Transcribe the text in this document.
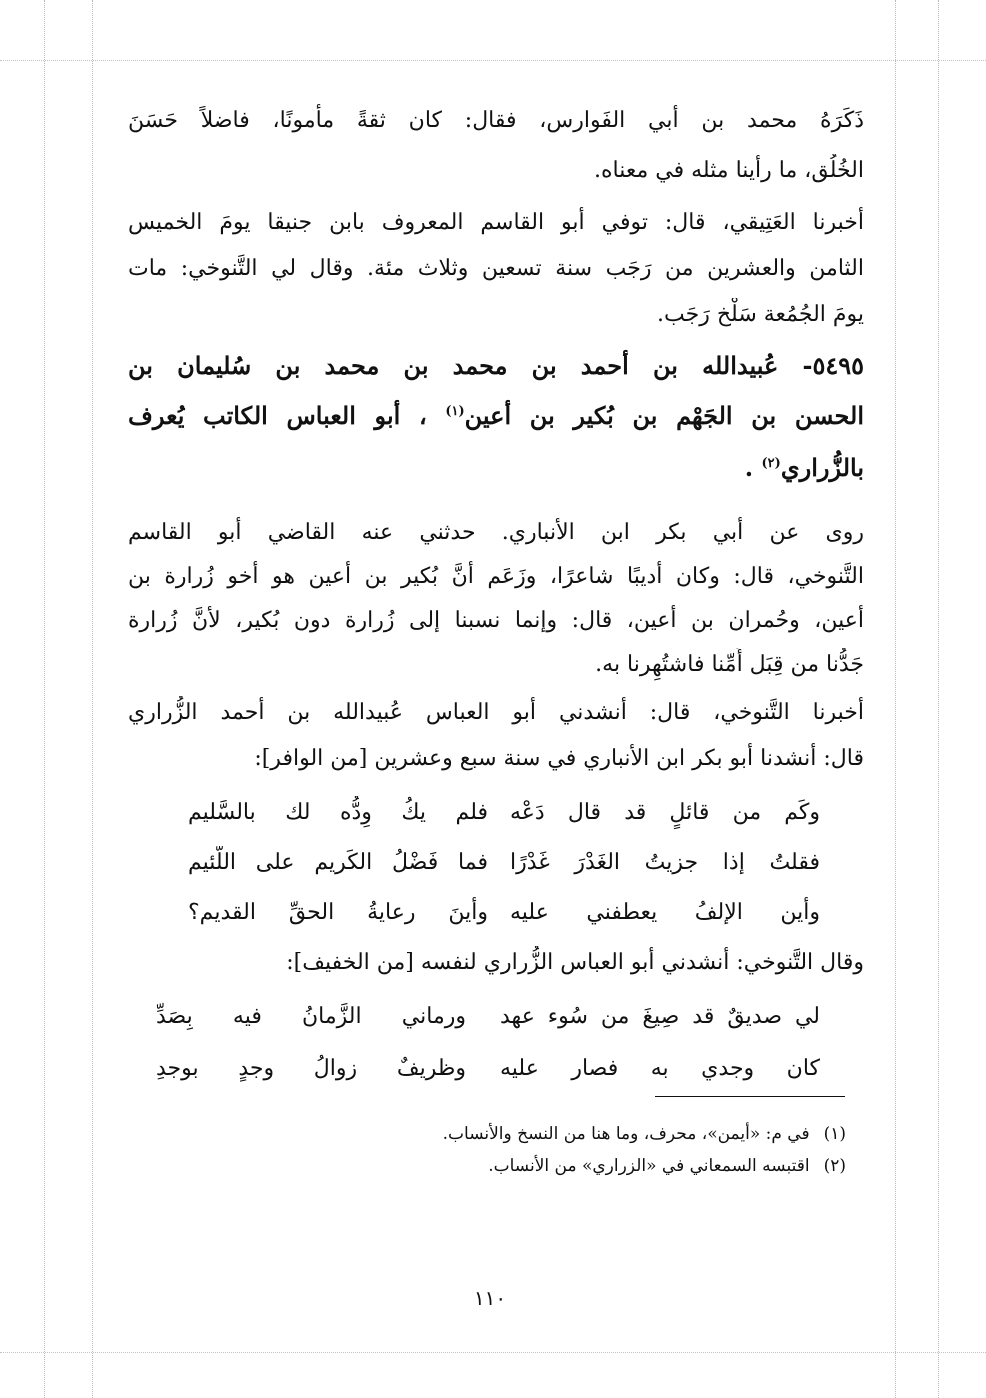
ذَكَرَهُ محمد بن أبي الفَوارس، فقال: كان ثقةً مأمونًا، فاضلاً حَسَنَ
الخُلُق، ما رأينا مثله في معناه.
أخبرنا العَتِيقي، قال: توفي أبو القاسم المعروف بابن جنيقا يومَ الخميس
الثامن والعشرين من رَجَب سنة تسعين وثلاث مئة. وقال لي التَّنوخي: مات
يومَ الجُمُعة سَلْخ رَجَب.
٥٤٩٥- عُبيدالله بن أحمد بن محمد بن محمد بن سُليمان بن
الحسن بن الجَهْم بن بُكير بن أعين$^{(١)}$ ، أبو العباس الكاتب يُعرف
بالزُّراري$^{(٢)}$ .
روى عن أبي بكر ابن الأنباري. حدثني عنه القاضي أبو القاسم
التَّنوخي، قال: وكان أديبًا شاعرًا، وزَعَم أنَّ بُكير بن أعين هو أخو زُرارة بن
أعين، وحُمران بن أعين، قال: وإنما نسبنا إلى زُرارة دون بُكير، لأنَّ زُرارة
جَدُّنا من قِبَل أُمِّنا فاشتُهِرنا به.
أخبرنا التَّنوخي، قال: أنشدني أبو العباس عُبيدالله بن أحمد الزُّراري
قال: أنشدنا أبو بكر ابن الأنباري في سنة سبع وعشرين [من الوافر]:
وكَم من قائلٍ قد قال دَعْه
فلم يكُ وِدُّه لك بالسَّليم
فقلتُ إذا جزيتُ الغَدْرَ غَدْرًا
فما فَضْلُ الكَريم على اللَّئيم
وأين الإلفُ يعطفني عليه
وأينَ رعايةُ الحقِّ القديم؟
وقال التَّنوخي: أنشدني أبو العباس الزُّراري لنفسه [من الخفيف]:
لي صديقٌ قد صِيغَ من سُوء عهد
ورماني الزَّمانُ فيه بِصَدِّ
كان وجدي به فصار عليه
وظريفٌ زوالُ وجدٍ بوجدِ
(١)في م: «أيمن»، محرف، وما هنا من النسخ والأنساب.
(٢)اقتبسه السمعاني في «الزراري» من الأنساب.
١١٠
